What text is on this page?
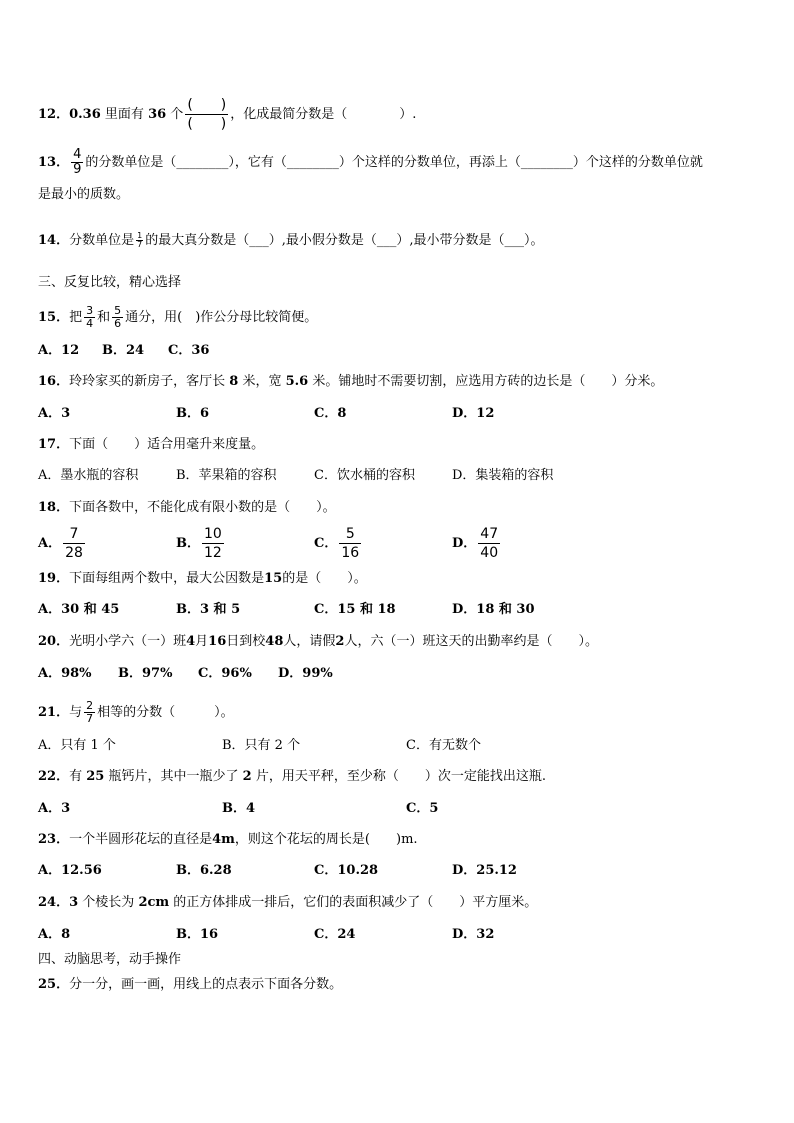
12．0.36 里面有 36 个 $\frac{( )}{( )}$ ，化成最简分数是（　　　　）.
13． $\frac{4}{9}$ 的分数单位是（________），它有（________）个这样的分数单位，再添上（________）个这样的分数单位就
是最小的质数。
14．分数单位是 $\frac{1}{7}$ 的最大真分数是（___）,最小假分数是（___）,最小带分数是（___）。
三、反复比较，精心选择
15．把 $\frac{3}{4}$ 和 $\frac{5}{6}$ 通分，用(　)作公分母比较简便。
A．12 B．24 C．36
16．玲玲家买的新房子，客厅长 8 米，宽 5.6 米。铺地时不需要切割，应选用方砖的边长是（　　）分米。
A．3	B．6	C．8	D．12
17．下面（　　）适合用毫升来度量。
A．墨水瓶的容积	B．苹果箱的容积	C．饮水桶的容积	D．集装箱的容积
18．下面各数中，不能化成有限小数的是（　　）。
A． $\frac{7}{28}$	B． $\frac{10}{12}$	C． $\frac{5}{16}$	D． $\frac{47}{40}$
19．下面每组两个数中，最大公因数是15的是（　　）。
A．30 和 45	B．3 和 5	C．15 和 18	D．18 和 30
20．光明小学六（一）班4月16日到校48人，请假2人，六（一）班这天的出勤率约是（　　）。
A．98% B．97% C．96% D．99%
21．与 $\frac{2}{7}$ 相等的分数（　　　）。
A．只有 1 个	B．只有 2 个	C．有无数个
22．有 25 瓶钙片，其中一瓶少了 2 片，用天平秤，至少称（　　）次一定能找出这瓶.
A．3	B．4	C．5
23．一个半圆形花坛的直径是4m，则这个花坛的周长是(　　)m.
A．12.56	B．6.28	C．10.28	D．25.12
24．3 个棱长为 2cm 的正方体排成一排后，它们的表面积减少了（　　）平方厘米。
A．8	B．16	C．24	D．32
四、动脑思考，动手操作
25．分一分，画一画，用线上的点表示下面各分数。
